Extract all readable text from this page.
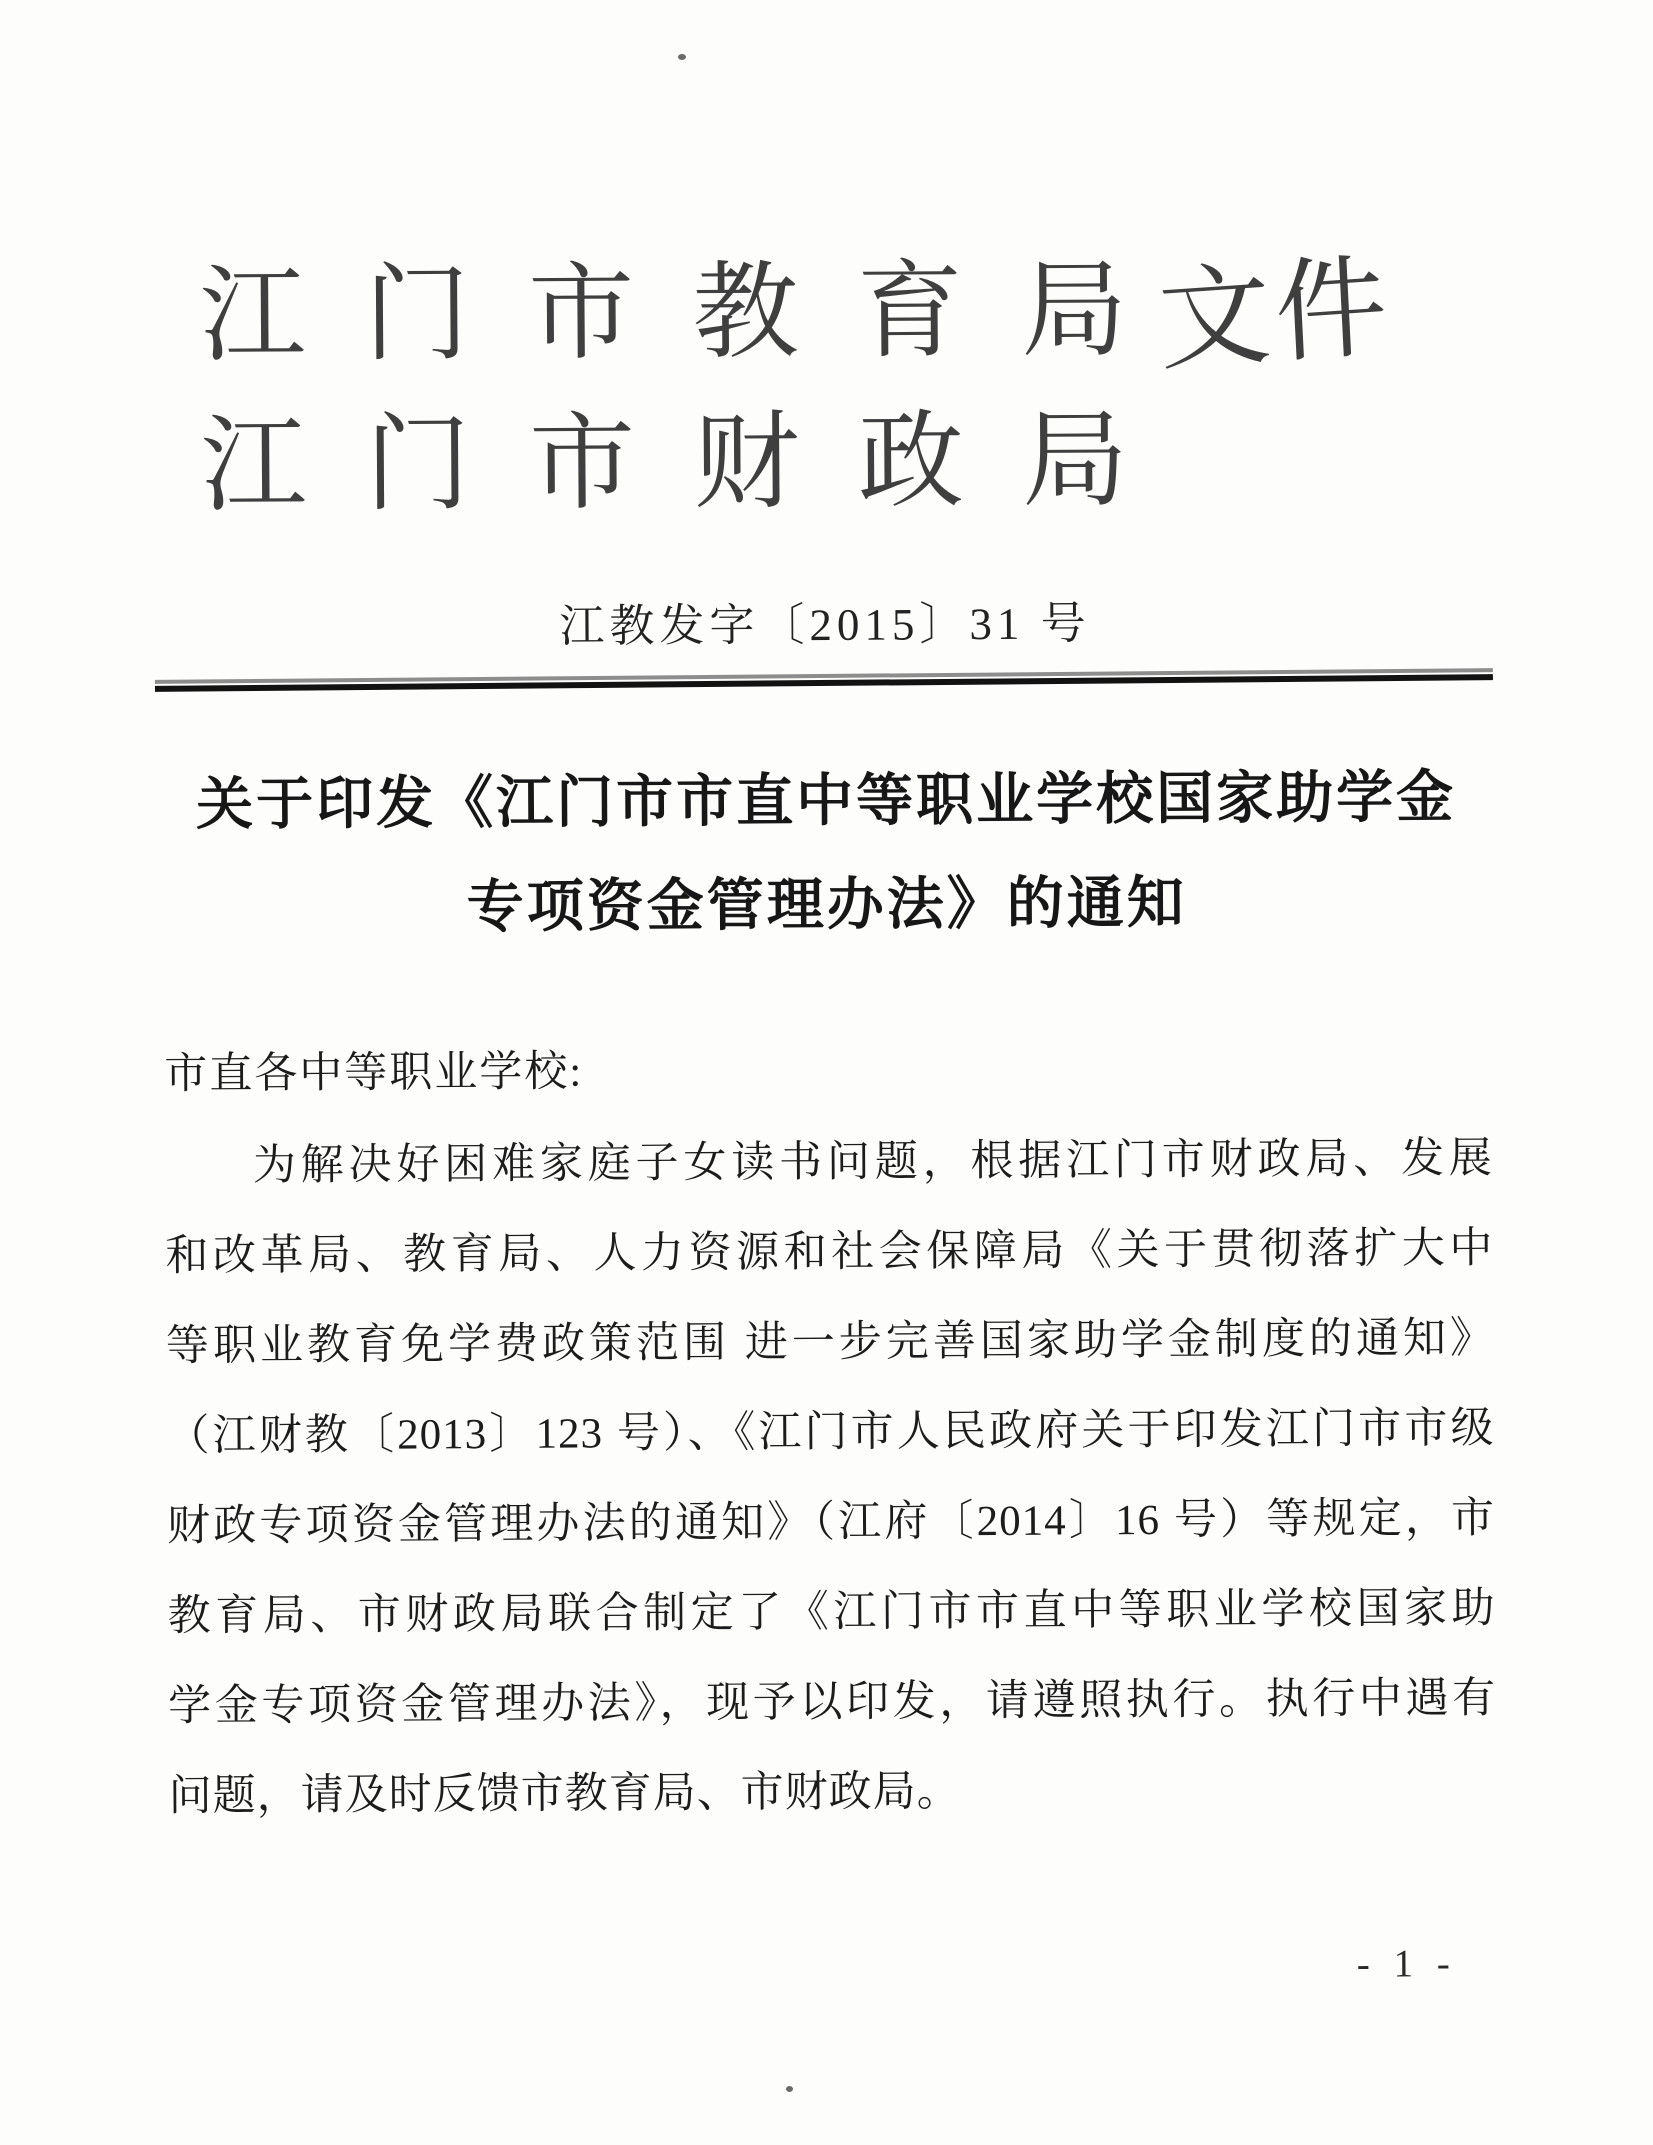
江门市教育局
江门市财政局
文件
江教发字〔2015〕31 号
关于印发《江门市市直中等职业学校国家助学金
专项资金管理办法》的通知
市直各中等职业学校:
为解决好困难家庭子女读书问题，根据江门市财政局、发展
和改革局、教育局、人力资源和社会保障局《关于贯彻落扩大中
等职业教育免学费政策范围 进一步完善国家助学金制度的通知》
（江财教〔2013〕123 号）、《江门市人民政府关于印发江门市市级
财政专项资金管理办法的通知》（江府〔2014〕16 号）等规定，市
教育局、市财政局联合制定了《江门市市直中等职业学校国家助
学金专项资金管理办法》，现予以印发，请遵照执行。执行中遇有
问题，请及时反馈市教育局、市财政局。
- 1 -
